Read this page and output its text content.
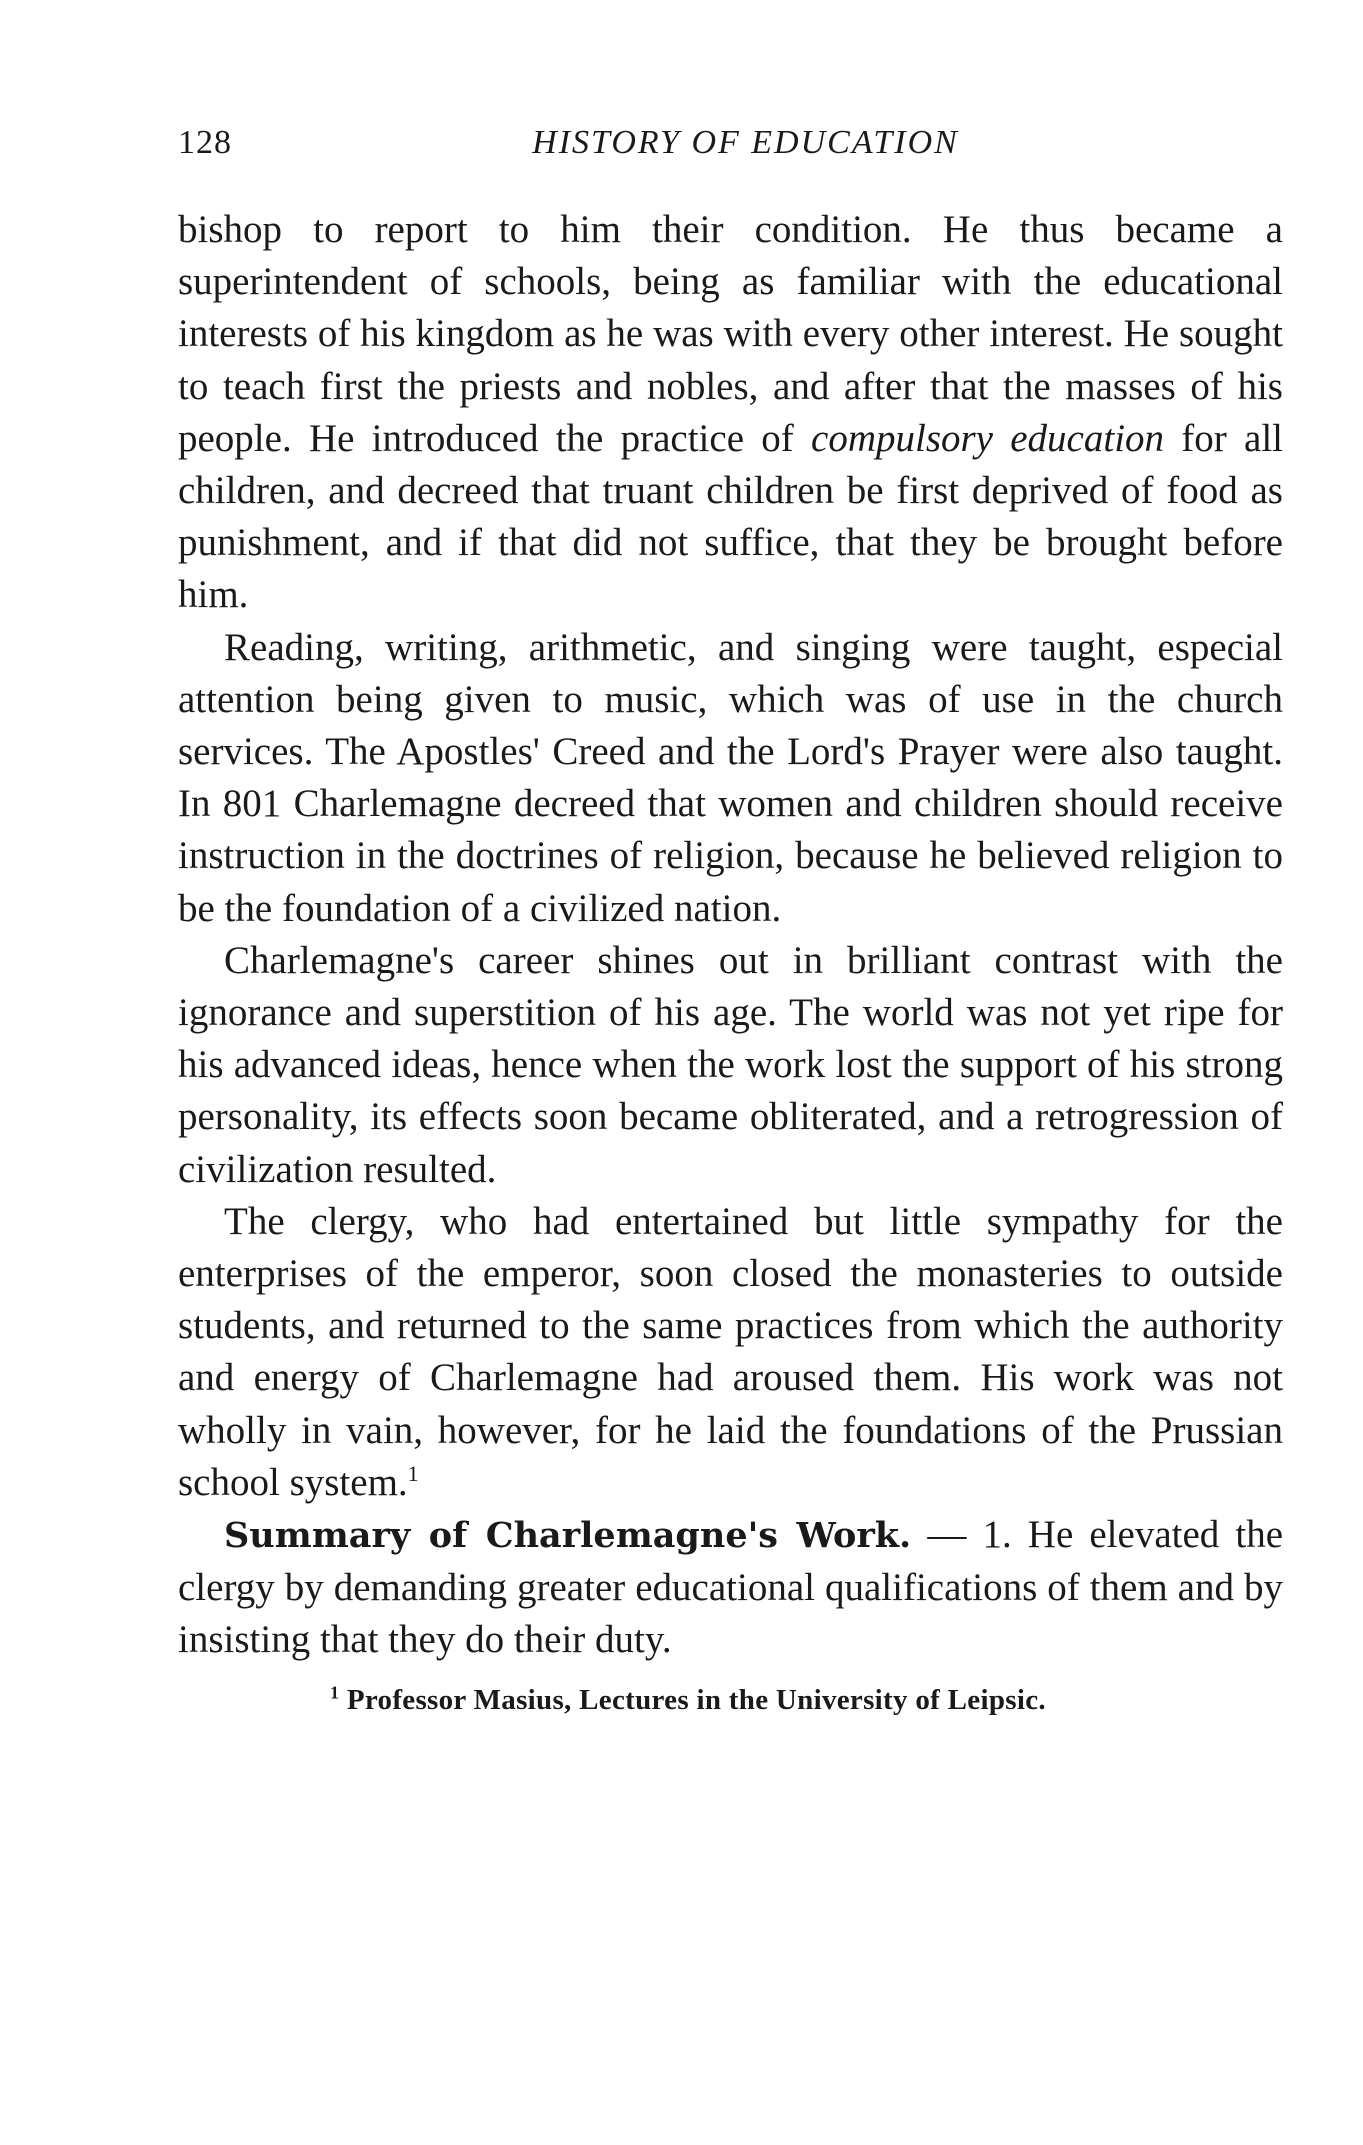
128	HISTORY OF EDUCATION

bishop to report to him their condition. He thus became a superintendent of schools, being as familiar with the educational interests of his kingdom as he was with every other interest. He sought to teach first the priests and nobles, and after that the masses of his people. He introduced the practice of compulsory education for all children, and decreed that truant children be first deprived of food as punishment, and if that did not suffice, that they be brought before him.

Reading, writing, arithmetic, and singing were taught, especial attention being given to music, which was of use in the church services. The Apostles' Creed and the Lord's Prayer were also taught. In 801 Charlemagne decreed that women and children should receive instruction in the doctrines of religion, because he believed religion to be the foundation of a civilized nation.

Charlemagne's career shines out in brilliant contrast with the ignorance and superstition of his age. The world was not yet ripe for his advanced ideas, hence when the work lost the support of his strong personality, its effects soon became obliterated, and a retrogression of civilization resulted.

The clergy, who had entertained but little sympathy for the enterprises of the emperor, soon closed the monasteries to outside students, and returned to the same practices from which the authority and energy of Charlemagne had aroused them. His work was not wholly in vain, however, for he laid the foundations of the Prussian school system.$^1$

Summary of Charlemagne's Work. — 1. He elevated the clergy by demanding greater educational qualifications of them and by insisting that they do their duty.

$^1$ Professor Masius, Lectures in the University of Leipsic.
